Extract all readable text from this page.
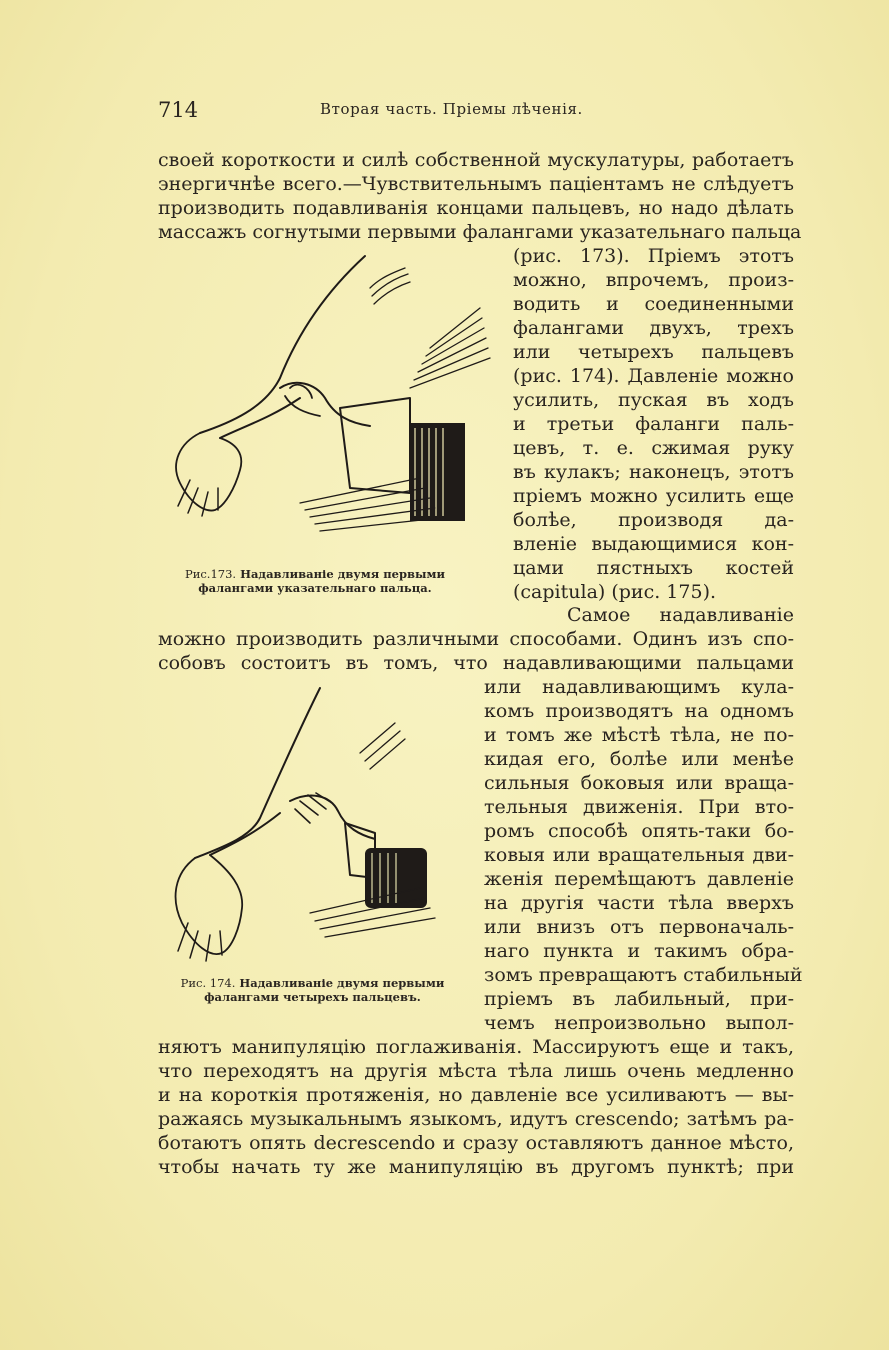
714	Вторая часть. Пріемы лѣченія.
своей короткости и силѣ собственной мускулатуры, работаетъ
энергичнѣе всего.—Чувствительнымъ паціентамъ не слѣдуетъ
производить подавливанія концами пальцевъ, но надо дѣлать
массажъ согнутыми первыми фалангами указательнаго пальца
(рис. 173). Пріемъ этотъ
можно, впрочемъ, произ-
водить и соединенными
фалангами двухъ, трехъ
или четырехъ пальцевъ
(рис. 174). Давленіе можно
усилить, пуская въ ходъ
и третьи фаланги паль-
цевъ, т. е. сжимая руку
въ кулакъ; наконецъ, этотъ
пріемъ можно усилить еще
болѣе, производя да-
вленіе выдающимися кон-
цами пястныхъ костей
(capitula) (рис. 175).
Самое надавливаніе
можно производить различными способами. Одинъ изъ спо-
собовъ состоитъ въ томъ, что надавливающими пальцами
или надавливающимъ кула-
комъ производятъ на одномъ
и томъ же мѣстѣ тѣла, не по-
кидая его, болѣе или менѣе
сильныя боковыя или враща-
тельныя движенія. При вто-
ромъ способѣ опять-таки бо-
ковыя или вращательныя дви-
женія перемѣщаютъ давленіе
на другія части тѣла вверхъ
или внизъ отъ первоначаль-
наго пункта и такимъ обра-
зомъ превращаютъ стабильный
пріемъ въ лабильный, при-
чемъ непроизвольно выпол-
няютъ манипуляцію поглаживанія. Массируютъ еще и такъ,
что переходятъ на другія мѣста тѣла лишь очень медленно
и на короткія протяженія, но давленіе все усиливаютъ — вы-
ражаясь музыкальнымъ языкомъ, идутъ crescendo; затѣмъ ра-
ботаютъ опять decrescendo и сразу оставляютъ данное мѣсто,
чтобы начать ту же манипуляцію въ другомъ пунктѣ; при
Рис.173. Надавливаніе двумя первыми
фалангами указательнаго пальца.
Рис. 174. Надавливаніе двумя первыми
фалангами четырехъ пальцевъ.
